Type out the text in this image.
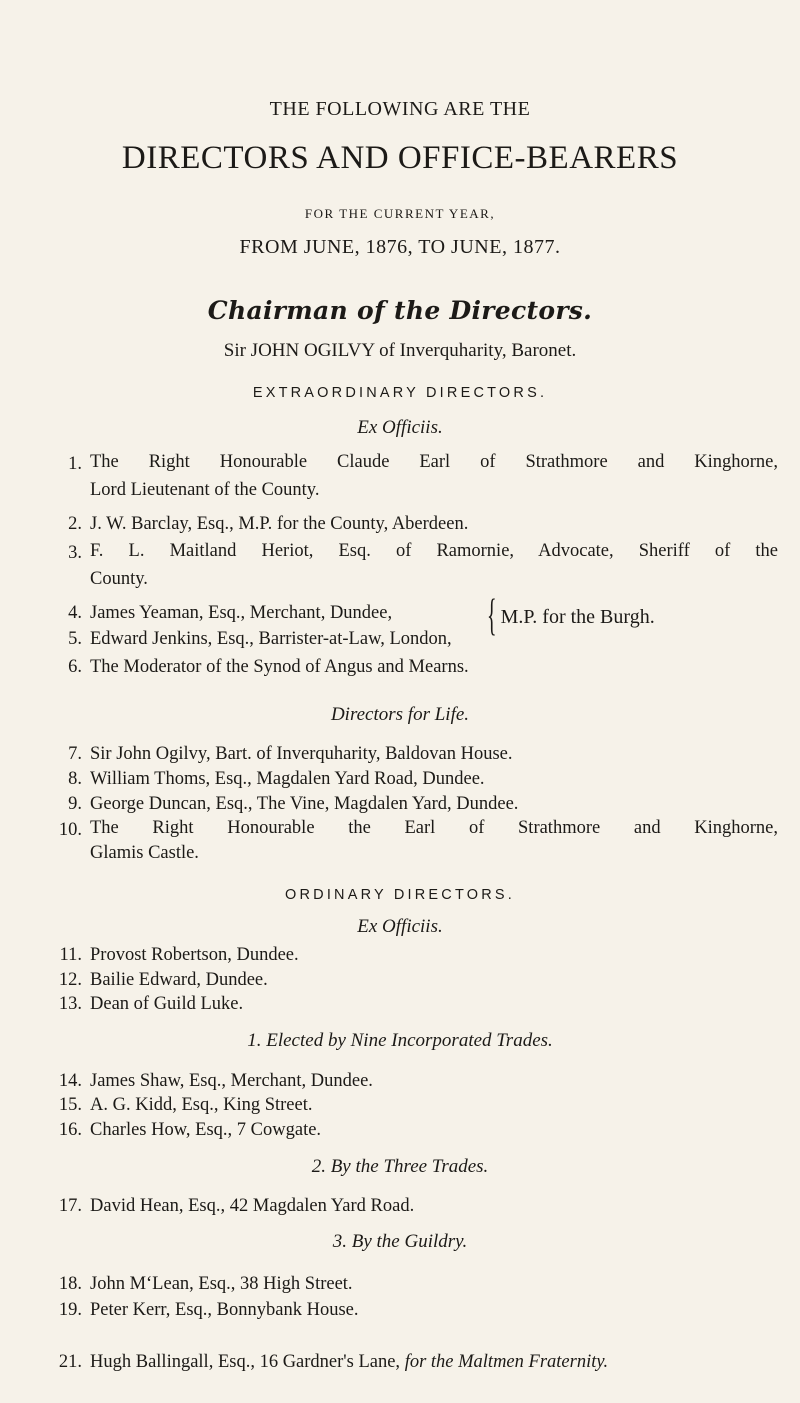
THE FOLLOWING ARE THE
DIRECTORS AND OFFICE-BEARERS
FOR THE CURRENT YEAR,
FROM JUNE, 1876, TO JUNE, 1877.
Chairman of the Directors.
Sir JOHN OGILVY of Inverquharity, Baronet.
EXTRAORDINARY DIRECTORS.
Ex Officiis.
1. The Right Honourable Claude Earl of Strathmore and Kinghorne,
Lord Lieutenant of the County.
2. J. W. Barclay, Esq., M.P. for the County, Aberdeen.
3. F. L. Maitland Heriot, Esq. of Ramornie, Advocate, Sheriff of the
County.
4. James Yeaman, Esq., Merchant, Dundee,
5. Edward Jenkins, Esq., Barrister-at-Law, London, { M.P. for the Burgh.
6. The Moderator of the Synod of Angus and Mearns.
Directors for Life.
7. Sir John Ogilvy, Bart. of Inverquharity, Baldovan House.
8. William Thoms, Esq., Magdalen Yard Road, Dundee.
9. George Duncan, Esq., The Vine, Magdalen Yard, Dundee.
10. The Right Honourable the Earl of Strathmore and Kinghorne,
Glamis Castle.
ORDINARY DIRECTORS.
Ex Officiis.
11. Provost Robertson, Dundee.
12. Bailie Edward, Dundee.
13. Dean of Guild Luke.
1. Elected by Nine Incorporated Trades.
14. James Shaw, Esq., Merchant, Dundee.
15. A. G. Kidd, Esq., King Street.
16. Charles How, Esq., 7 Cowgate.
2. By the Three Trades.
17. David Hean, Esq., 42 Magdalen Yard Road.
3. By the Guildry.
18. John M‘Lean, Esq., 38 High Street.
19. Peter Kerr, Esq., Bonnybank House.
21. Hugh Ballingall, Esq., 16 Gardner's Lane, for the Maltmen Fraternity.
